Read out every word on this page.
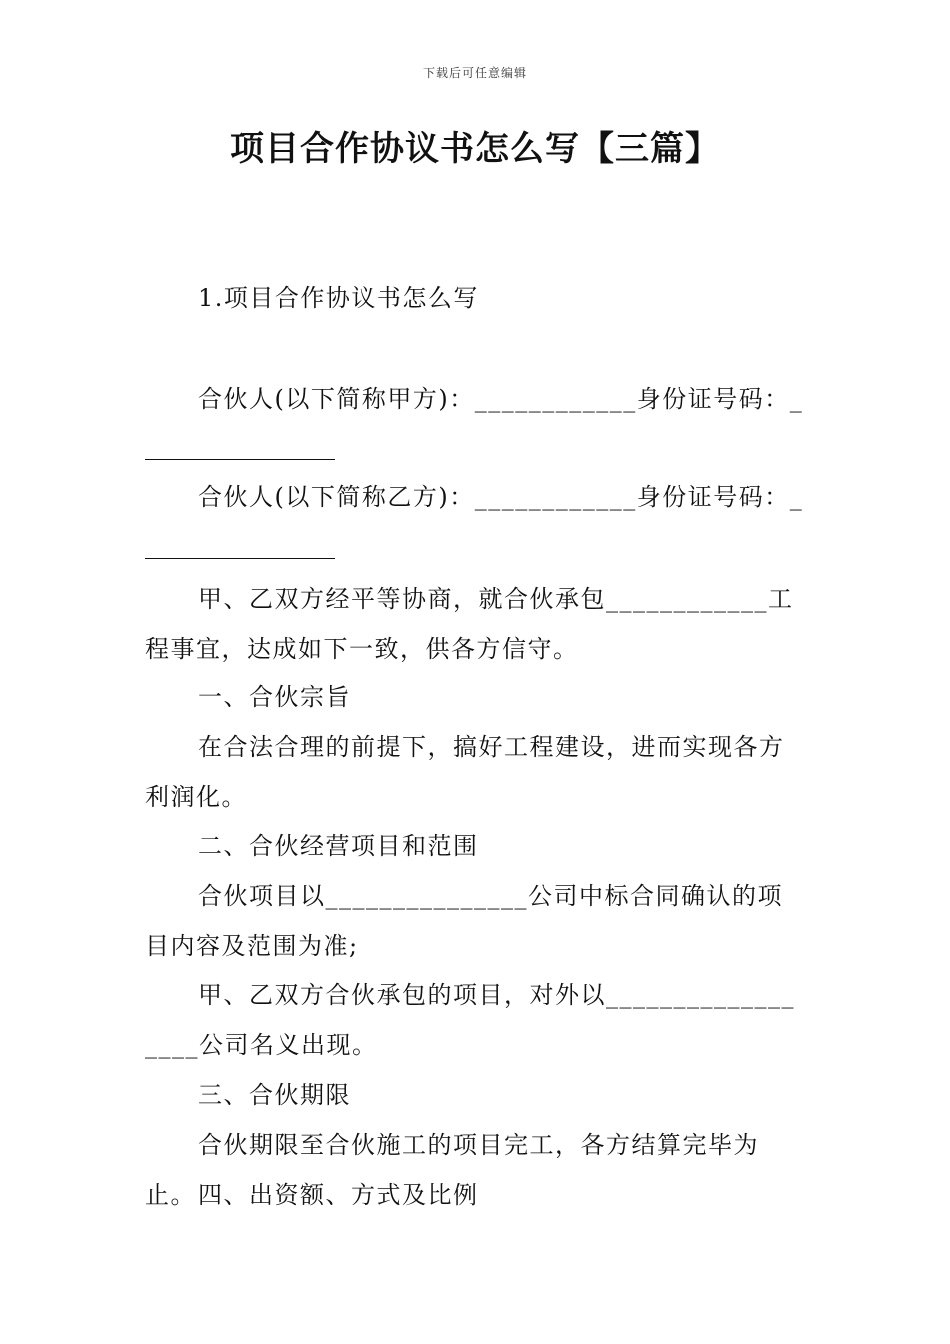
下载后可任意编辑
项目合作协议书怎么写【三篇】

1.项目合作协议书怎么写

合伙人(以下简称甲方)：____________身份证号码：_

合伙人(以下简称乙方)：____________身份证号码：_

甲、乙双方经平等协商，就合伙承包____________工程事宜，达成如下一致，供各方信守。

一、合伙宗旨

在合法合理的前提下，搞好工程建设，进而实现各方利润化。

二、合伙经营项目和范围

合伙项目以_______________公司中标合同确认的项目内容及范围为准;

甲、乙双方合伙承包的项目，对外以__________________公司名义出现。

三、合伙期限

合伙期限至合伙施工的项目完工，各方结算完毕为止。 四、出资额、方式及比例
